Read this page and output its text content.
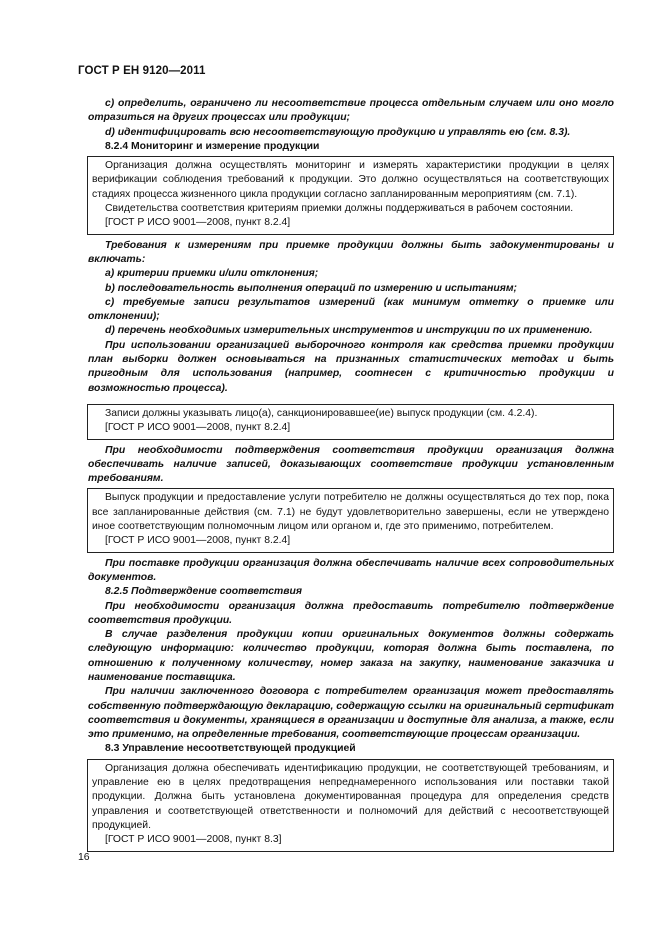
ГОСТ Р ЕН 9120—2011

c) определить, ограничено ли несоответствие процесса отдельным случаем или оно могло отразиться на других процессах или продукции;

d) идентифицировать всю несоответствующую продукцию и управлять ею (см. 8.3).

8.2.4 Мониторинг и измерение продукции

Организация должна осуществлять мониторинг и измерять характеристики продукции в целях верификации соблюдения требований к продукции. Это должно осуществляться на соответствующих стадиях процесса жизненного цикла продукции согласно запланированным мероприятиям (см. 7.1).

Свидетельства соответствия критериям приемки должны поддерживаться в рабочем состоянии.

[ГОСТ Р ИСО 9001—2008, пункт 8.2.4]

Требования к измерениям при приемке продукции должны быть задокументированы и включать:

a) критерии приемки и/или отклонения;

b) последовательность выполнения операций по измерению и испытаниям;

c) требуемые записи результатов измерений (как минимум отметку о приемке или отклонении);

d) перечень необходимых измерительных инструментов и инструкции по их применению.

При использовании организацией выборочного контроля как средства приемки продукции план выборки должен основываться на признанных статистических методах и быть пригодным для использования (например, соотнесен с критичностью продукции и возможностью процесса).

Записи должны указывать лицо(а), санкционировавшее(ие) выпуск продукции (см. 4.2.4).

[ГОСТ Р ИСО 9001—2008, пункт 8.2.4]

При необходимости подтверждения соответствия продукции организация должна обеспечивать наличие записей, доказывающих соответствие продукции установленным требованиям.

Выпуск продукции и предоставление услуги потребителю не должны осуществляться до тех пор, пока все запланированные действия (см. 7.1) не будут удовлетворительно завершены, если не утверждено иное соответствующим полномочным лицом или органом и, где это применимо, потребителем.

[ГОСТ Р ИСО 9001—2008, пункт 8.2.4]

При поставке продукции организация должна обеспечивать наличие всех сопроводительных документов.

8.2.5 Подтверждение соответствия

При необходимости организация должна предоставить потребителю подтверждение соответствия продукции.

В случае разделения продукции копии оригинальных документов должны содержать следующую информацию: количество продукции, которая должна быть поставлена, по отношению к полученному количеству, номер заказа на закупку, наименование заказчика и наименование поставщика.

При наличии заключенного договора с потребителем организация может предоставлять собственную подтверждающую декларацию, содержащую ссылки на оригинальный сертификат соответствия и документы, хранящиеся в организации и доступные для анализа, а также, если это применимо, на определенные требования, соответствующие процессам организации.

8.3 Управление несоответствующей продукцией

Организация должна обеспечивать идентификацию продукции, не соответствующей требованиям, и управление ею в целях предотвращения непреднамеренного использования или поставки такой продукции. Должна быть установлена документированная процедура для определения средств управления и соответствующей ответственности и полномочий для действий с несоответствующей продукцией.

[ГОСТ Р ИСО 9001—2008, пункт 8.3]

16
